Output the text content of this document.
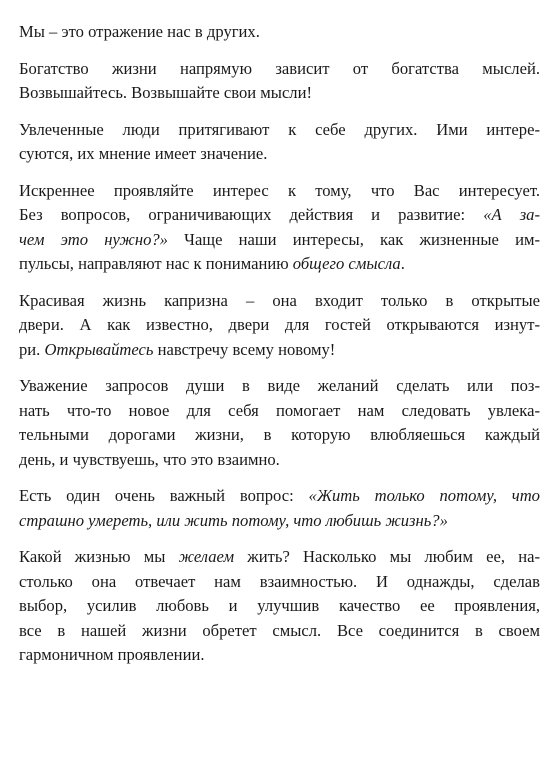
Мы – это отражение нас в других.

Богатство жизни напрямую зависит от богатства мыслей.
Возвышайтесь. Возвышайте свои мысли!

Увлеченные люди притягивают к себе других. Ими интере-
суются, их мнение имеет значение.

Искреннее проявляйте интерес к тому, что Вас интересует.
Без вопросов, ограничивающих действия и развитие: «А за-
чем это нужно?» Чаще наши интересы, как жизненные им-
пульсы, направляют нас к пониманию общего смысла.

Красивая жизнь капризна – она входит только в открытые
двери. А как известно, двери для гостей открываются изнут-
ри. Открывайтесь навстречу всему новому!

Уважение запросов души в виде желаний сделать или поз-
нать что-то новое для себя помогает нам следовать увлека-
тельными дорогами жизни, в которую влюбляешься каждый
день, и чувствуешь, что это взаимно.

Есть один очень важный вопрос: «Жить только потому, что
страшно умереть, или жить потому, что любишь жизнь?»

Какой жизнью мы желаем жить? Насколько мы любим ее, на-
столько она отвечает нам взаимностью. И однажды, сделав
выбор, усилив любовь и улучшив качество ее проявления,
все в нашей жизни обретет смысл. Все соединится в своем
гармоничном проявлении.
